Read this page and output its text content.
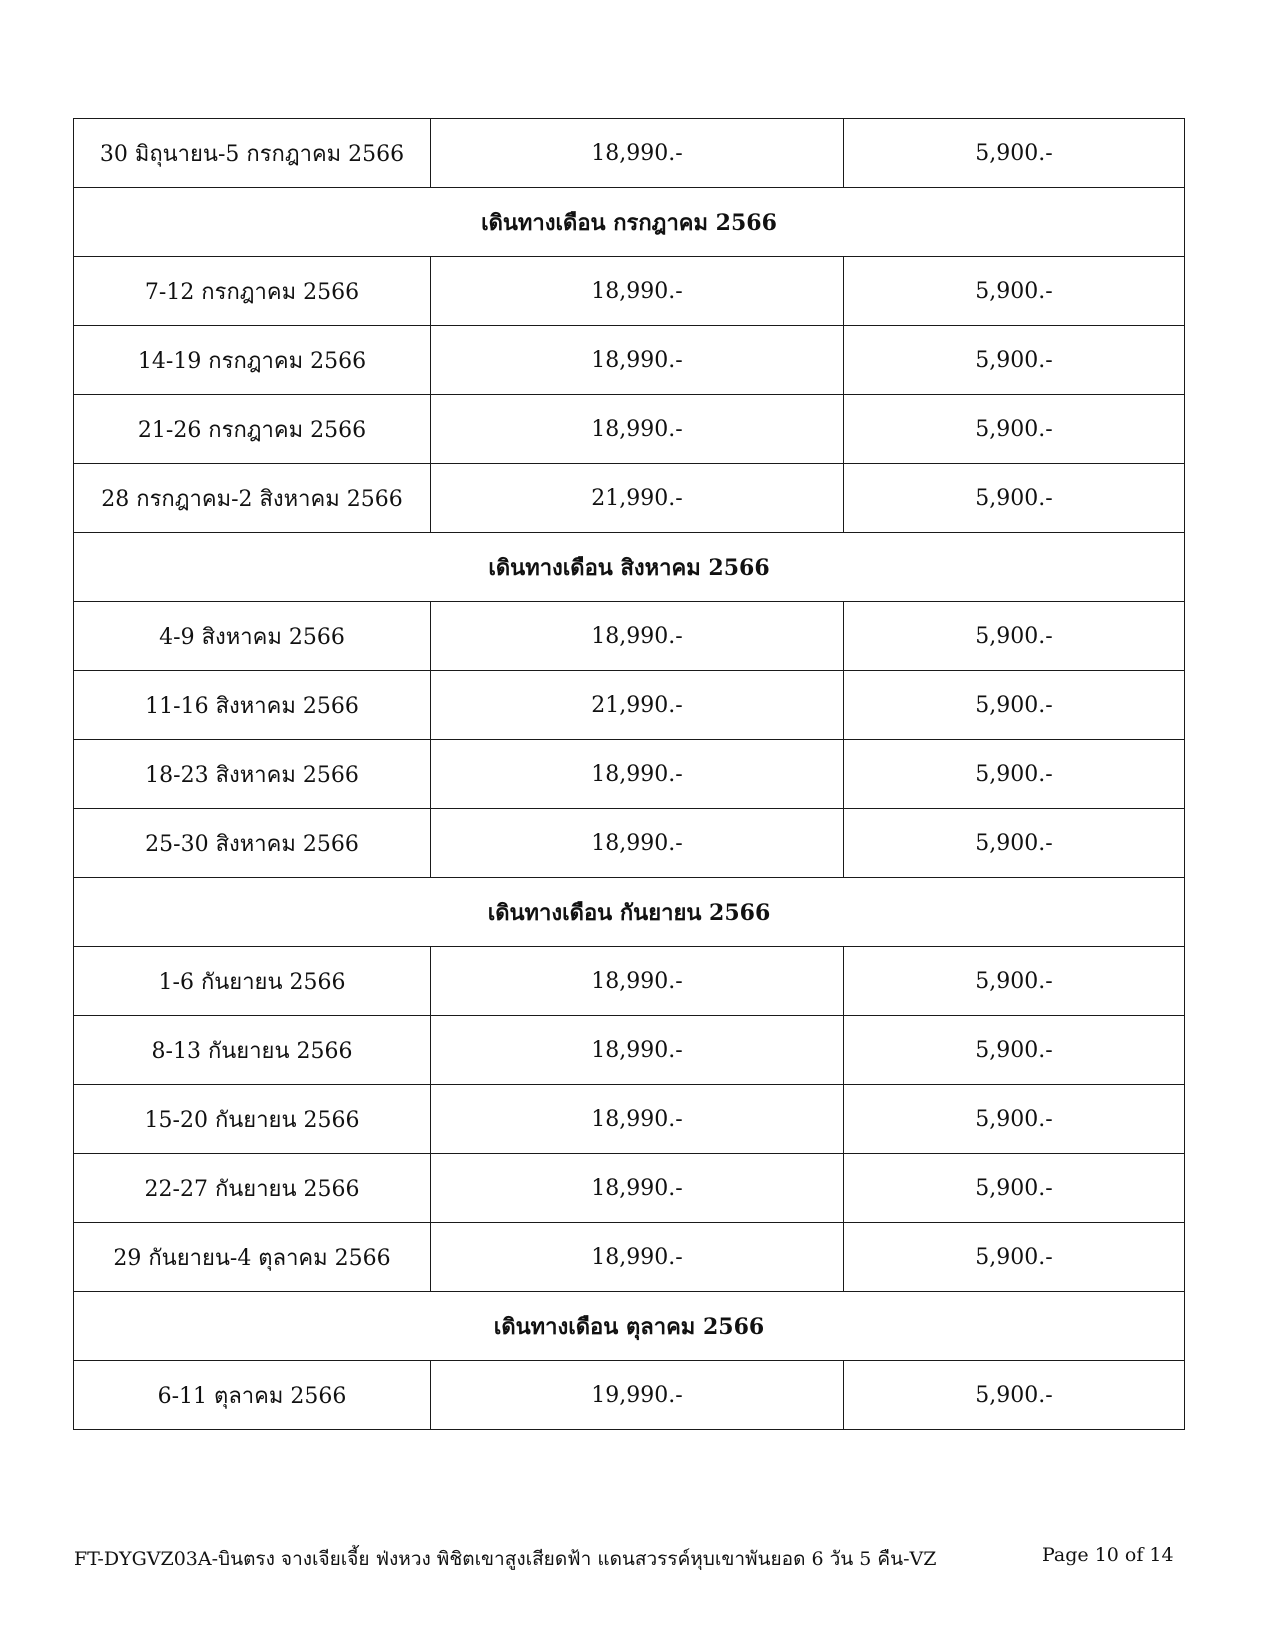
30 มิถุนายน-5 กรกฎาคม 2566	18,990.-	5,900.-
เดินทางเดือน กรกฎาคม 2566		
7-12 กรกฎาคม 2566	18,990.-	5,900.-
14-19 กรกฎาคม 2566	18,990.-	5,900.-
21-26 กรกฎาคม 2566	18,990.-	5,900.-
28 กรกฎาคม-2 สิงหาคม 2566	21,990.-	5,900.-
เดินทางเดือน สิงหาคม 2566		
4-9 สิงหาคม 2566	18,990.-	5,900.-
11-16 สิงหาคม 2566	21,990.-	5,900.-
18-23 สิงหาคม 2566	18,990.-	5,900.-
25-30 สิงหาคม 2566	18,990.-	5,900.-
เดินทางเดือน กันยายน 2566		
1-6 กันยายน 2566	18,990.-	5,900.-
8-13 กันยายน 2566	18,990.-	5,900.-
15-20 กันยายน 2566	18,990.-	5,900.-
22-27 กันยายน 2566	18,990.-	5,900.-
29 กันยายน-4 ตุลาคม 2566	18,990.-	5,900.-
เดินทางเดือน ตุลาคม 2566		
6-11 ตุลาคม 2566	19,990.-	5,900.-
FT-DYGVZ03A-บินตรง จางเจียเจี้ย ฟ่งหวง พิชิตเขาสูงเสียดฟ้า แดนสวรรค์หุบเขาพันยอด 6 วัน 5 คืน-VZ	Page 10 of 14
